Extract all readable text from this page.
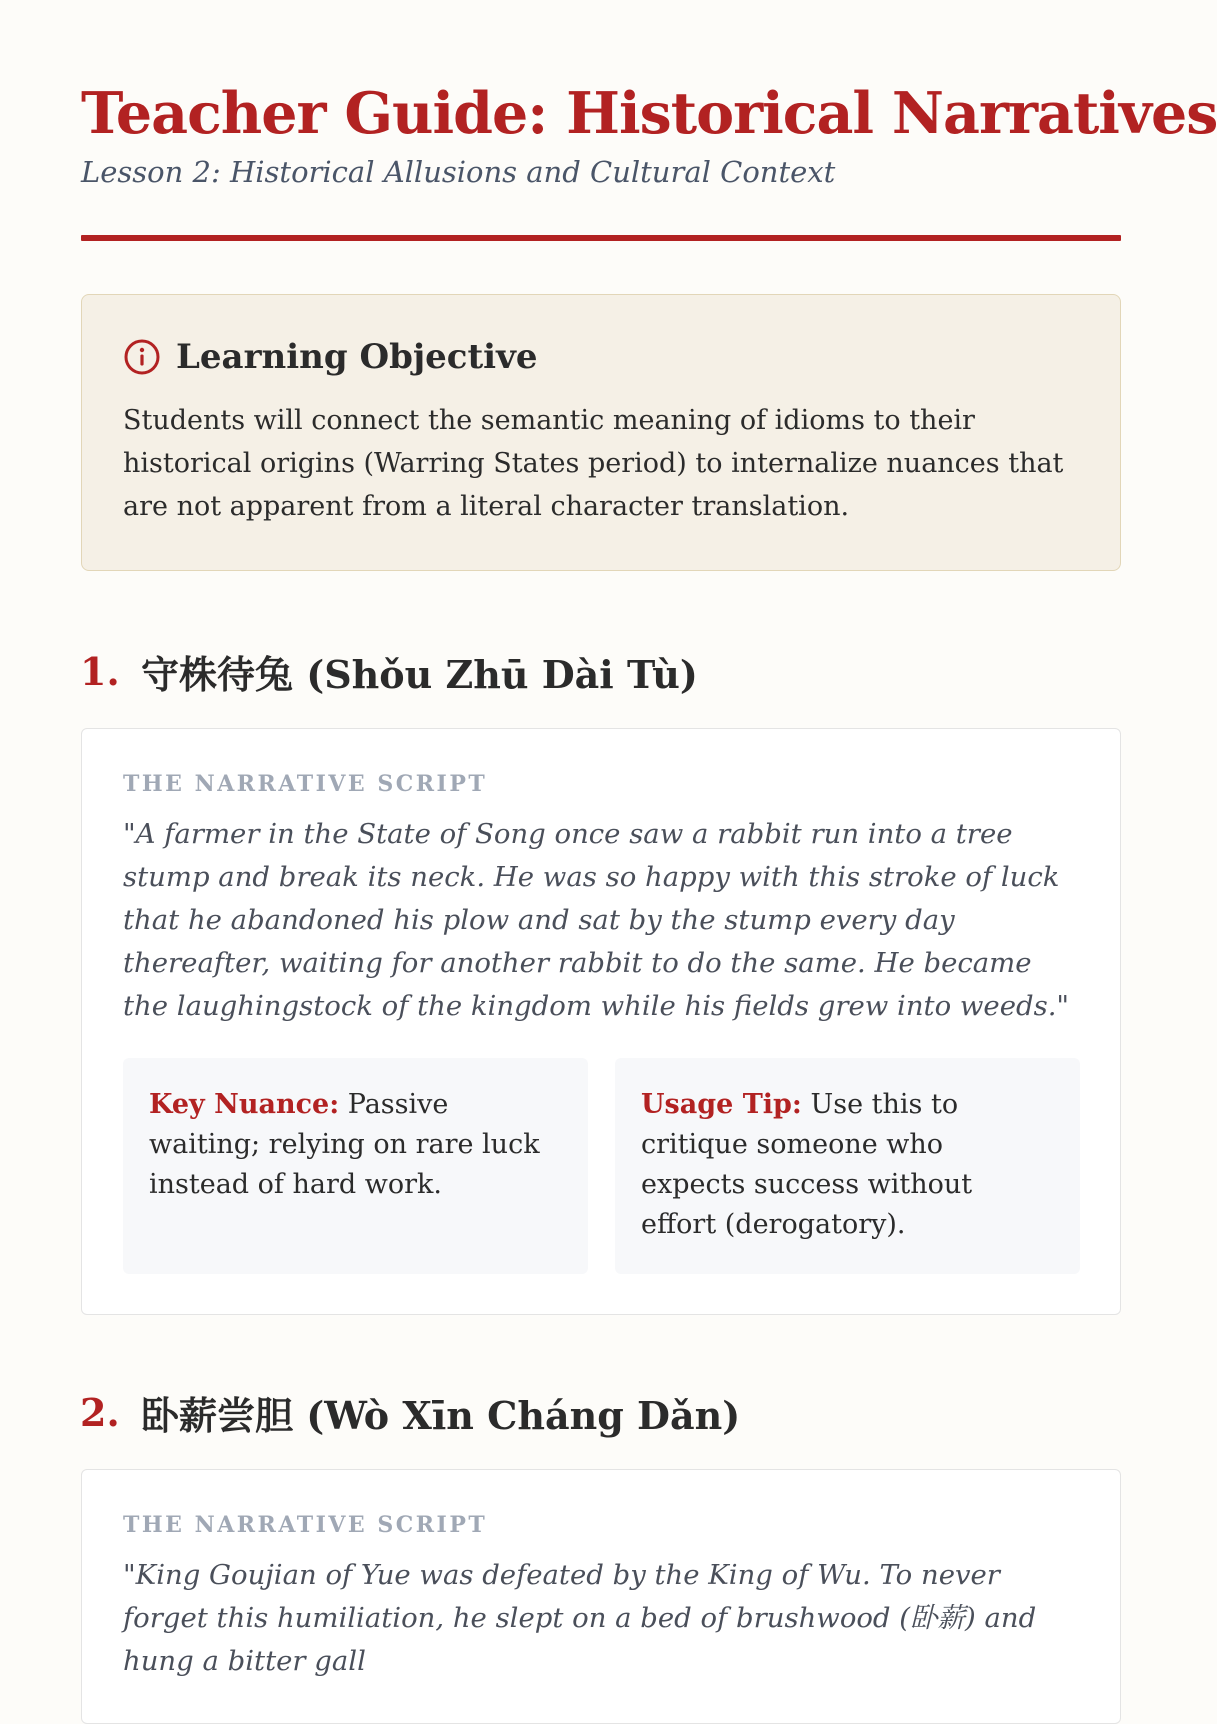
Teacher Guide: Historical Narratives
Lesson 2: Historical Allusions and Cultural Context
Learning Objective

Students will connect the semantic meaning of idioms to their historical origins (Warring States period) to internalize nuances that are not apparent from a literal character translation.

1. 守株待兔 (Shǒu Zhū Dài Tù)
THE NARRATIVE SCRIPT

"A farmer in the State of Song once saw a rabbit run into a tree stump and break its neck. He was so happy with this stroke of luck that he abandoned his plow and sat by the stump every day thereafter, waiting for another rabbit to do the same. He became the laughingstock of the kingdom while his fields grew into weeds."

Key Nuance: Passive waiting; relying on rare luck instead of hard work.
Usage Tip: Use this to critique someone who expects success without effort (derogatory).
2. 卧薪尝胆 (Wò Xīn Cháng Dǎn)
THE NARRATIVE SCRIPT

"King Goujian of Yue was defeated by the King of Wu. To never forget this humiliation, he slept on a bed of brushwood (卧薪) and hung a bitter gall
